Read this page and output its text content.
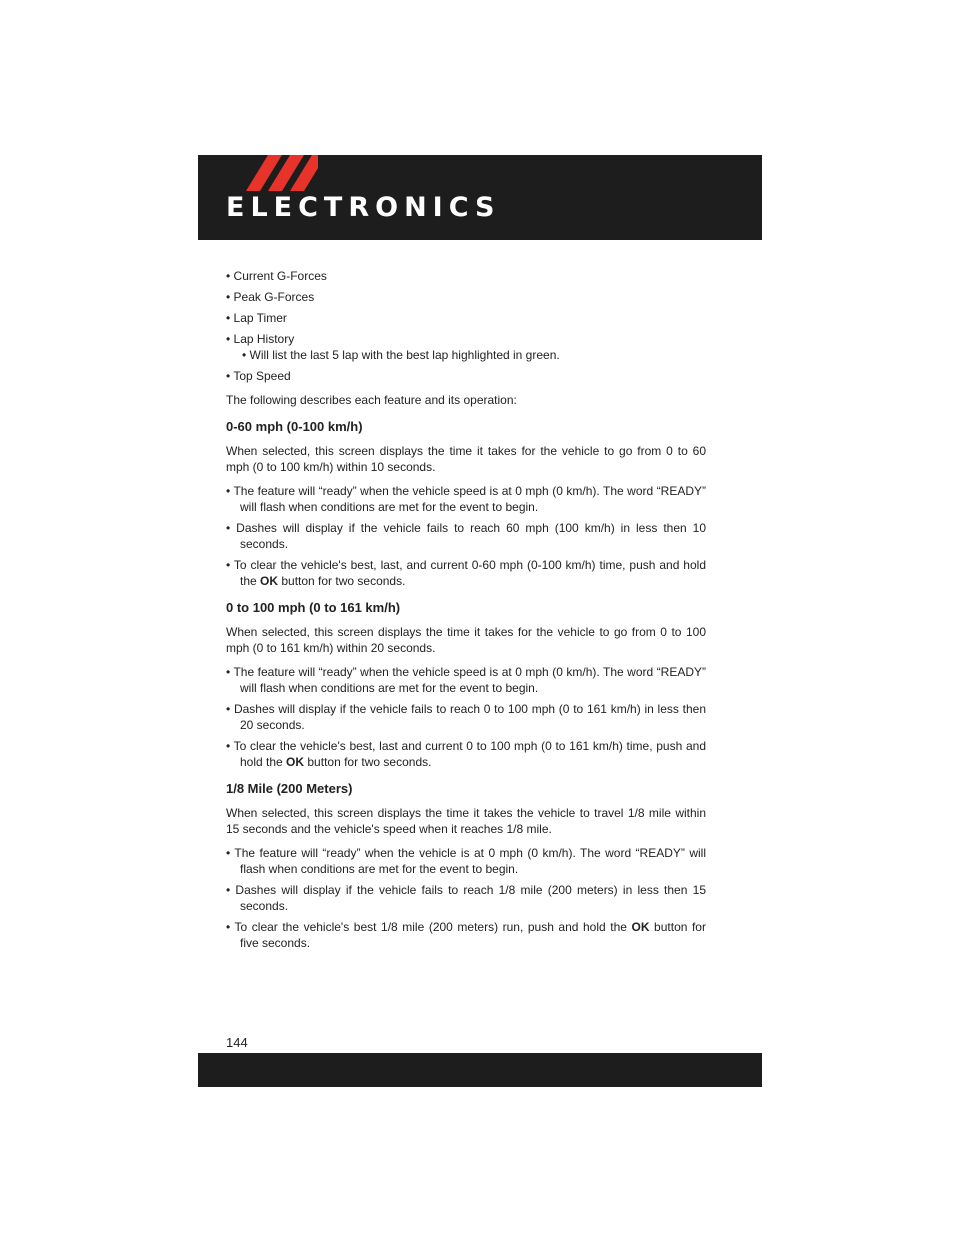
ELECTRONICS

• Current G-Forces

• Peak G-Forces

• Lap Timer

• Lap History

• Will list the last 5 lap with the best lap highlighted in green.

• Top Speed

The following describes each feature and its operation:

0-60 mph (0-100 km/h)

When selected, this screen displays the time it takes for the vehicle to go from 0 to 60 mph (0 to 100 km/h) within 10 seconds.

• The feature will “ready” when the vehicle speed is at 0 mph (0 km/h). The word “READY” will flash when conditions are met for the event to begin.

• Dashes will display if the vehicle fails to reach 60 mph (100 km/h) in less then 10 seconds.

• To clear the vehicle's best, last, and current 0-60 mph (0-100 km/h) time, push and hold the OK button for two seconds.

0 to 100 mph (0 to 161 km/h)

When selected, this screen displays the time it takes for the vehicle to go from 0 to 100 mph (0 to 161 km/h) within 20 seconds.

• The feature will “ready” when the vehicle speed is at 0 mph (0 km/h). The word “READY” will flash when conditions are met for the event to begin.

• Dashes will display if the vehicle fails to reach 0 to 100 mph (0 to 161 km/h) in less then 20 seconds.

• To clear the vehicle's best, last and current 0 to 100 mph (0 to 161 km/h) time, push and hold the OK button for two seconds.

1/8 Mile (200 Meters)

When selected, this screen displays the time it takes the vehicle to travel 1/8 mile within 15 seconds and the vehicle's speed when it reaches 1/8 mile.

• The feature will “ready” when the vehicle is at 0 mph (0 km/h). The word “READY” will flash when conditions are met for the event to begin.

• Dashes will display if the vehicle fails to reach 1/8 mile (200 meters) in less then 15 seconds.

• To clear the vehicle's best 1/8 mile (200 meters) run, push and hold the OK button for five seconds.

144
